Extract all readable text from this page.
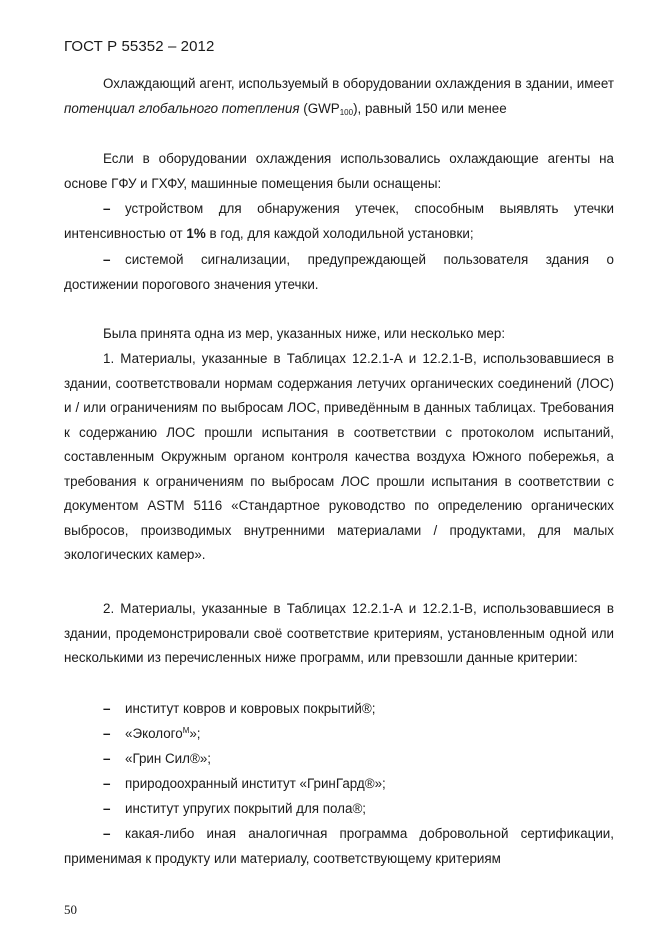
ГОСТ Р 55352 – 2012

Охлаждающий агент, используемый в оборудовании охлаждения в здании, имеет потенциал глобального потепления $(GWP_{100})$, равный 150 или менее

Если в оборудовании охлаждения использовались охлаждающие агенты на основе ГФУ и ГХФУ, машинные помещения были оснащены:

– устройством для обнаружения утечек, способным выявлять утечки интенсивностью от 1% в год, для каждой холодильной установки;

– системой сигнализации, предупреждающей пользователя здания о достижении порогового значения утечки.

Была принята одна из мер, указанных ниже, или несколько мер:

1. Материалы, указанные в Таблицах 12.2.1-А и 12.2.1-В, использовавшиеся в здании, соответствовали нормам содержания летучих органических соединений (ЛОС) и / или ограничениям по выбросам ЛОС, приведённым в данных таблицах. Требования к содержанию ЛОС прошли испытания в соответствии с протоколом испытаний, составленным Окружным органом контроля качества воздуха Южного побережья, а требования к ограничениям по выбросам ЛОС прошли испытания в соответствии с документом ASTM 5116 «Стандартное руководство по определению органических выбросов, производимых внутренними материалами / продуктами, для малых экологических камер».

2. Материалы, указанные в Таблицах 12.2.1-А и 12.2.1-В, использовавшиеся в здании, продемонстрировали своё соответствие критериям, установленным одной или несколькими из перечисленных ниже программ, или превзошли данные критерии:

– институт ковров и ковровых покрытий®;

– «Эколого$^М$»;

– «Грин Сил®»;

– природоохранный институт «ГринГард®»;

– институт упругих покрытий для пола®;

– какая-либо иная аналогичная программа добровольной сертификации, применимая к продукту или материалу, соответствующему критериям

50
